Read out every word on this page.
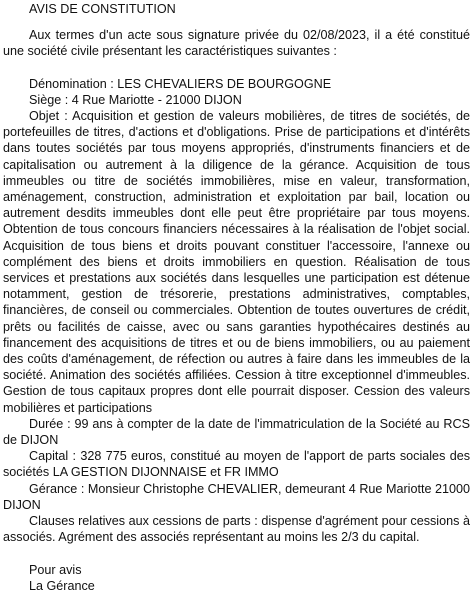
AVIS DE CONSTITUTION

Aux termes d'un acte sous signature privée du 02/08/2023, il a été constitué une société civile présentant les caractéristiques suivantes :

Dénomination : LES CHEVALIERS DE BOURGOGNE

Siège : 4 Rue Mariotte - 21000 DIJON

Objet : Acquisition et gestion de valeurs mobilières, de titres de sociétés, de portefeuilles de titres, d'actions et d'obligations. Prise de participations et d'intérêts dans toutes sociétés par tous moyens appropriés, d'instruments financiers et de capitalisation ou autrement à la diligence de la gérance. Acquisition de tous immeubles ou titre de sociétés immobilières, mise en valeur, transformation, aménagement, construction, administration et exploitation par bail, location ou autrement desdits immeubles dont elle peut être propriétaire par tous moyens. Obtention de tous concours financiers nécessaires à la réalisation de l'objet social. Acquisition de tous biens et droits pouvant constituer l'accessoire, l'annexe ou complément des biens et droits immobiliers en question. Réalisation de tous services et prestations aux sociétés dans lesquelles une participation est détenue notamment, gestion de trésorerie, prestations administratives, comptables, financières, de conseil ou commerciales. Obtention de toutes ouvertures de crédit, prêts ou facilités de caisse, avec ou sans garanties hypothécaires destinés au financement des acquisitions de titres et ou de biens immobiliers, ou au paiement des coûts d'aménagement, de réfection ou autres à faire dans les immeubles de la société. Animation des sociétés affiliées. Cession à titre exceptionnel d'immeubles. Gestion de tous capitaux propres dont elle pourrait disposer. Cession des valeurs mobilières et participations

Durée : 99 ans à compter de la date de l'immatriculation de la Société au RCS de DIJON

Capital : 328 775 euros, constitué au moyen de l'apport de parts sociales des sociétés LA GESTION DIJONNAISE et FR IMMO

Gérance : Monsieur Christophe CHEVALIER, demeurant 4 Rue Mariotte 21000 DIJON

Clauses relatives aux cessions de parts : dispense d'agrément pour cessions à associés. Agrément des associés représentant au moins les 2/3 du capital.

Pour avis

La Gérance
